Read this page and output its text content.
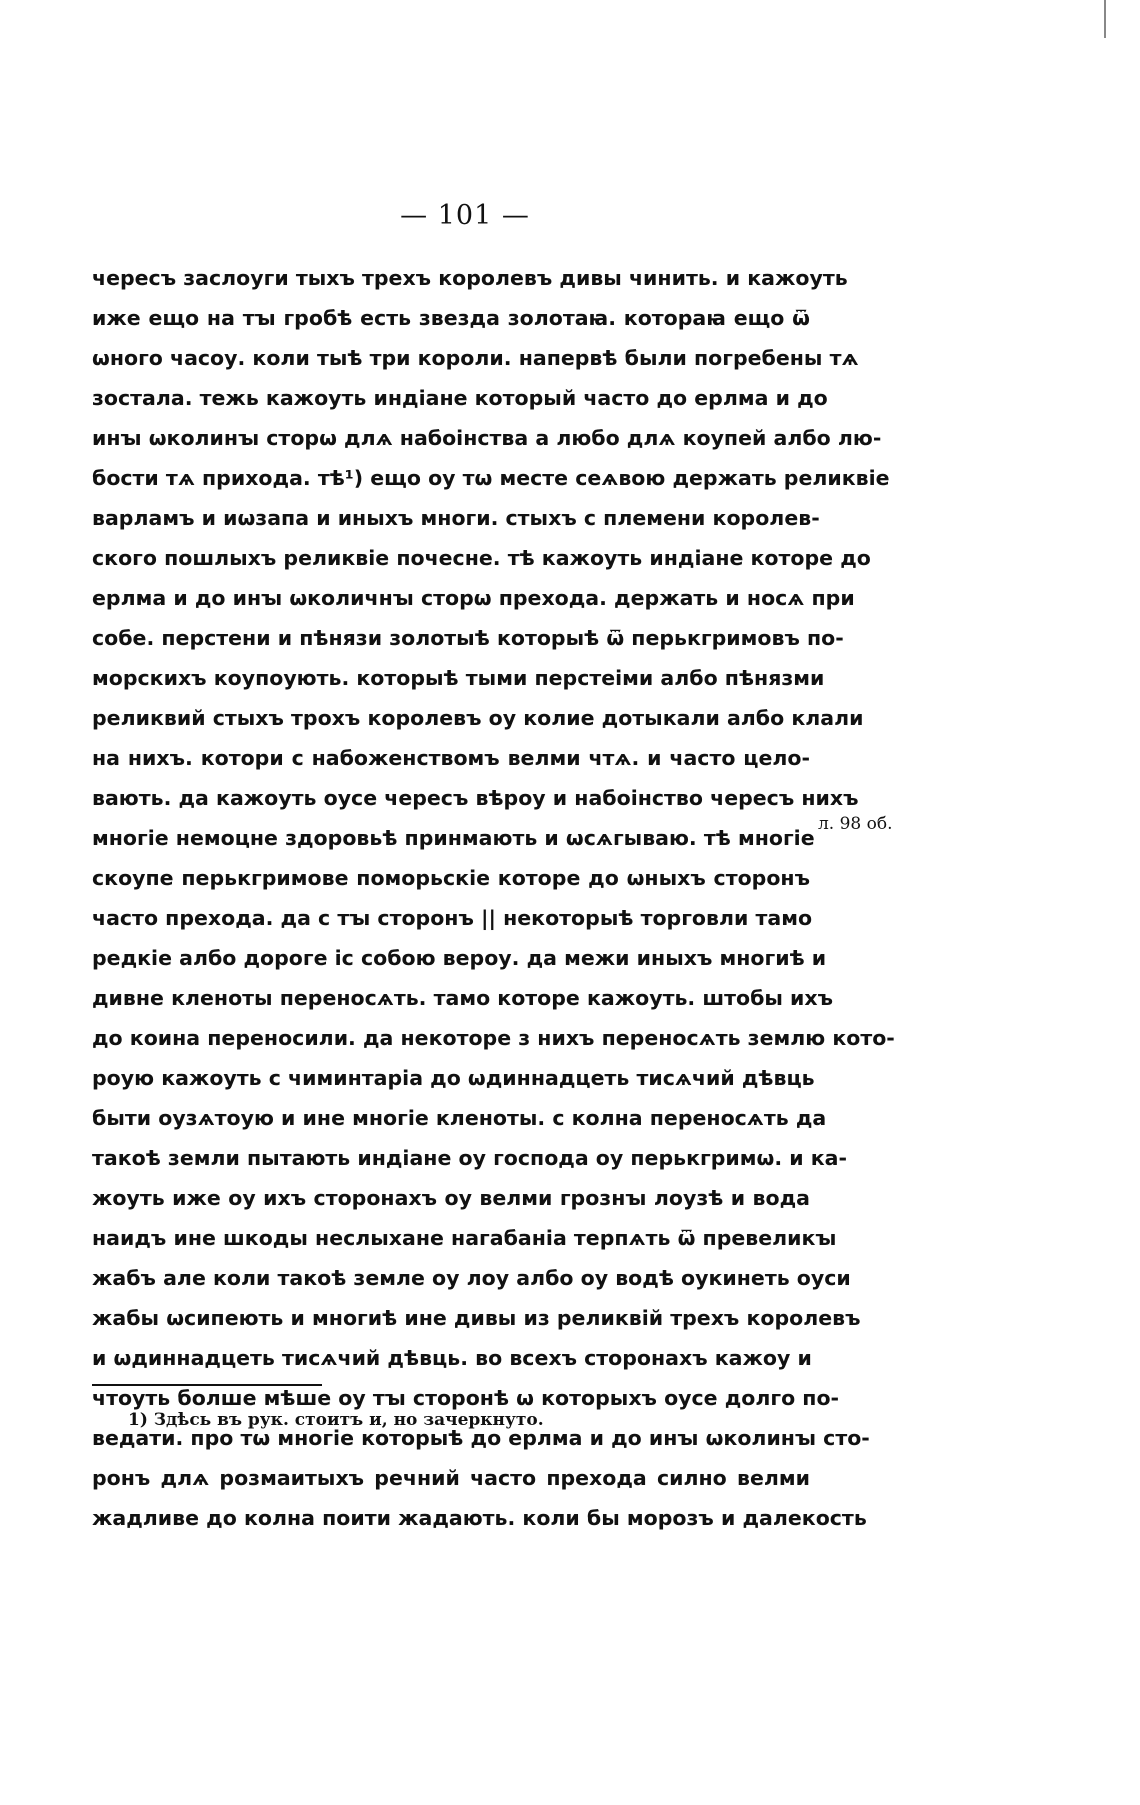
— 101 —
чересъ заслоуги тыхъ трехъ королевъ дивы чинить. и кажоуть
иже ещо на тꙑ гробѣ есть звезда золотаꙗ. котораꙗ ещо ѿ
ѡного часоу. коли тыѣ три короли. напервѣ были погребены тѧ
зостала. тежь кажоуть индіане который часто до ерлма и до
инꙑ ѡколинꙑ сторѡ длѧ набоінства а любо длѧ коупей албо лю-
бости тѧ прихода. тѣ¹) ещо оу тѡ месте сеѧвою держать реликвіе
варламъ и иѡзапа и иныхъ многи. стыхъ с племени королев-
ского пошлыхъ реликвіе почесне. тѣ кажоуть индіане которе до
ерлма и до инꙑ ѡколичнꙑ сторѡ прехода. держать и носѧ при
собе. перстени и пѣнязи золотыѣ которыѣ ѿ перькгримовъ по-
морскихъ коупоують. которыѣ тыми перстеіми албо пѣнязми
реликвий стыхъ трохъ королевъ оу колие дотыкали албо клали
на нихъ. котори с набоженствомъ велми чтѧ. и часто цело-
вають. да кажоуть оусе чересъ вѣроу и набоінство чересъ нихъ
многіе немоцне здоровьѣ принмають и ѡсѧгываю. тѣ многіе
скоупе перькгримове поморьскіе которе до ѡныхъ сторонъ
часто прехода. да с тꙑ сторонъ || некоторыѣ торговли тамо
редкіе албо дороге іс собою вероу. да межи иныхъ многиѣ и
дивне кленоты переносѧть. тамо которе кажоуть. штобы ихъ
до коина переносили. да некоторе з нихъ переносѧть землю кото-
роую кажоуть с чиминтаріа до ѡдиннадцеть тисѧчий дѣвць
быти оузѧтоую и ине многіе кленоты. с колна переносѧть да
такоѣ земли пытають индіане оу господа оу перькгримѡ. и ка-
жоуть иже оу ихъ сторонахъ оу велми грознꙑ лоузѣ и вода
наидъ ине шкоды неслыхане нагабаніа терпѧть ѿ превеликꙑ
жабъ але коли такоѣ земле оу лоу албо оу водѣ оукинеть оуси
жабы ѡсипеють и многиѣ ине дивы из реликвій трехъ королевъ
и ѡдиннадцеть тисѧчий дѣвць. во всехъ сторонахъ кажоу и
чтоуть болше мѣше оу тꙑ сторонѣ ѡ которыхъ оусе долго по-
ведати. про тѡ многіе которыѣ до ерлма и до инꙑ ѡколинꙑ сто-
ронъ длѧ розмаитыхъ речний часто прехода силно велми
жадливе до колна поити жадають. коли бы морозъ и далекость
л. 98 об.
1) Здѣсь въ рук. стоитъ и, но зачеркнуто.
